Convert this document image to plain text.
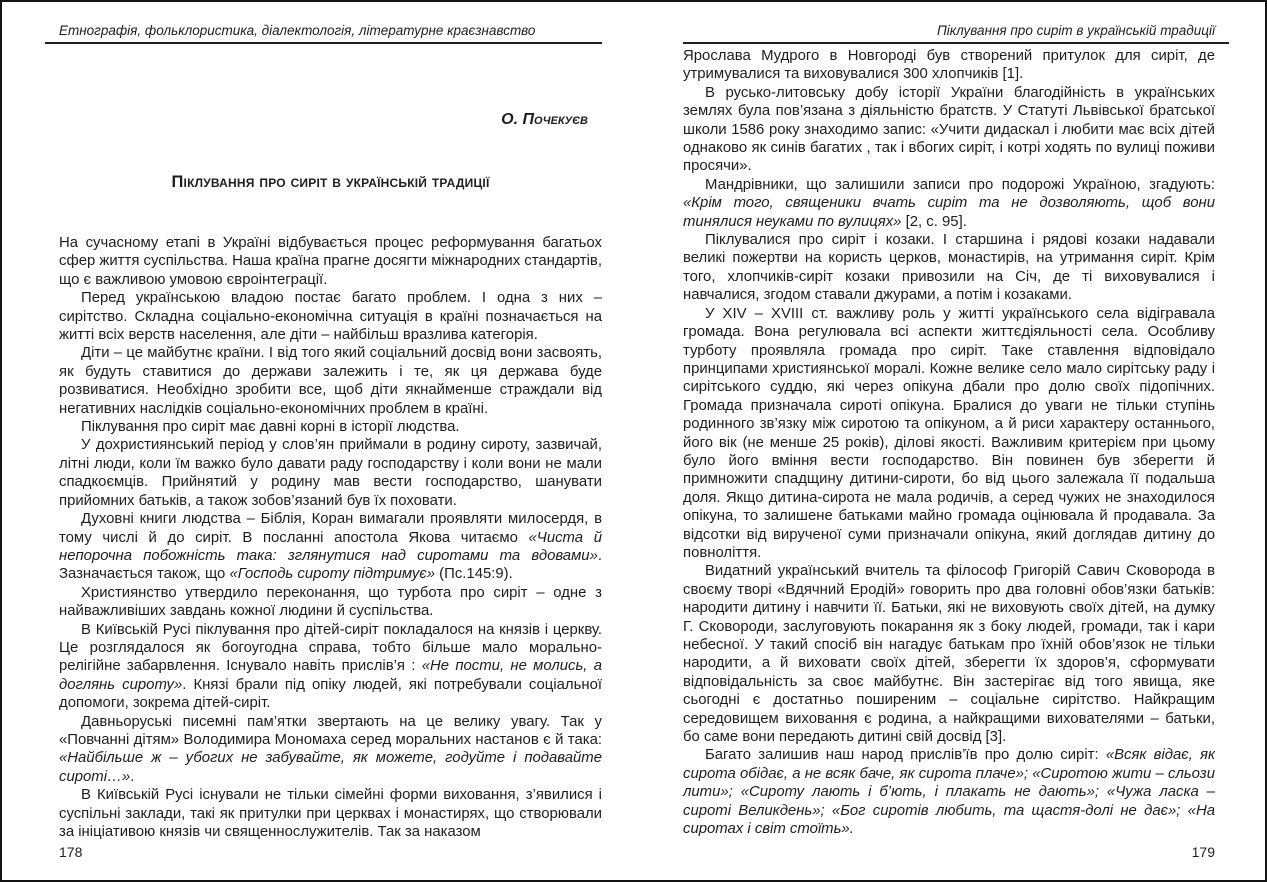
Етнографія, фольклористика, діалектологія, літературне краєзнавство
О. Почекуєв
Піклування про сиріт в українській традиції

На сучасному етапі в Україні відбувається процес реформування багатьох сфер життя суспільства. Наша країна прагне досягти міжнародних стандартів, що є важливою умовою євроінтеграції.

Перед українською владою постає багато проблем. І одна з них – сирітство. Складна соціально-економічна ситуація в країні позначається на житті всіх верств населення, але діти – найбільш вразлива категорія.

Діти – це майбутнє країни. І від того який соціальний досвід вони засвоять, як будуть ставитися до держави залежить і те, як ця держава буде розвиватися. Необхідно зробити все, щоб діти якнайменше страждали від негативних наслідків соціально-економічних проблем в країні.

Піклування про сиріт має давні корні в історії людства.

У дохристиянський період у слов’ян приймали в родину сироту, зазвичай, літні люди, коли їм важко було давати раду господарству і коли вони не мали спадкоємців. Прийнятий у родину мав вести господарство, шанувати прийомних батьків, а також зобов’язаний був їх поховати.

Духовні книги людства – Біблія, Коран вимагали проявляти милосердя, в тому числі й до сиріт. В посланні апостола Якова читаємо «Чиста й непорочна побожність така: зглянутися над сиротами та вдовами». Зазначається також, що «Господь сироту підтримує» (Пс.145:9).

Християнство утвердило переконання, що турбота про сиріт – одне з найважливіших завдань кожної людини й суспільства.

В Київській Русі піклування про дітей-сиріт покладалося на князів і церкву. Це розглядалося як богоугодна справа, тобто більше мало морально-релігійне забарвлення. Існувало навіть прислів’я : «Не пости, не молись, а доглянь сироту». Князі брали під опіку людей, які потребували соціальної допомоги, зокрема дітей-сиріт.

Давньоруські писемні пам’ятки звертають на це велику увагу. Так у «Повчанні дітям» Володимира Мономаха серед моральних настанов є й така: «Найбільше ж – убогих не забувайте, як можете, годуйте і подавайте сироті…».

В Київській Русі існували не тільки сімейні форми виховання, з’явилися і суспільні заклади, такі як притулки при церквах і монастирях, що створювали за ініціативою князів чи священнослужителів. Так за наказом

178
Піклування про сиріт в українській традиції

Ярослава Мудрого в Новгороді був створений притулок для сиріт, де утримувалися та виховувалися 300 хлопчиків [1].

В русько-литовську добу історії України благодійність в українських землях була пов’язана з діяльністю братств. У Статуті Львівської братської школи 1586 року знаходимо запис: «Учити дидаскал і любити має всіх дітей однаково як синів багатих , так і вбогих сиріт, і котрі ходять по вулиці поживи просячи».

Мандрівники, що залишили записи про подорожі Україною, згадують: «Крім того, священики вчать сиріт та не дозволяють, щоб вони тинялися неуками по вулицях» [2, с. 95].

Піклувалися про сиріт і козаки. І старшина і рядові козаки надавали великі пожертви на користь церков, монастирів, на утримання сиріт. Крім того, хлопчиків-сиріт козаки привозили на Січ, де ті виховувалися і навчалися, згодом ставали джурами, а потім і козаками.

У XIV – XVIII ст. важливу роль у житті українського села відігравала громада. Вона регулювала всі аспекти життєдіяльності села. Особливу турботу проявляла громада про сиріт. Таке ставлення відповідало принципами християнської моралі. Кожне велике село мало сирітську раду і сирітського суддю, які через опікуна дбали про долю своїх підопічних. Громада призначала сироті опікуна. Бралися до уваги не тільки ступінь родинного зв’язку між сиротою та опікуном, а й риси характеру останнього, його вік (не менше 25 років), ділові якості. Важливим критерієм при цьому було його вміння вести господарство. Він повинен був зберегти й примножити спадщину дитини-сироти, бо від цього залежала її подальша доля. Якщо дитина-сирота не мала родичів, а серед чужих не знаходилося опікуна, то залишене батьками майно громада оцінювала й продавала. За відсотки від вирученої суми призначали опікуна, який доглядав дитину до повноліття.

Видатний український вчитель та філософ Григорій Савич Сковорода в своєму творі «Вдячний Еродій» говорить про два головні обов’язки батьків: народити дитину і навчити її. Батьки, які не виховують своїх дітей, на думку Г. Сковороди, заслуговують покарання як з боку людей, громади, так і кари небесної. У такий спосіб він нагадує батькам про їхній обов’язок не тільки народити, а й виховати своїх дітей, зберегти їх здоров’я, сформувати відповідальність за своє майбутнє. Він застерігає від того явища, яке сьогодні є достатньо поширеним – соціальне сирітство. Найкращим середовищем виховання є родина, а найкращими вихователями – батьки, бо саме вони передають дитині свій досвід [3].

Багато залишив наш народ прислів’їв про долю сиріт: «Всяк відає, як сирота обідає, а не всяк баче, як сирота плаче»; «Сиротою жити – сльози лити»; «Сироту лають і б’ють, і плакать не дають»; «Чужа ласка – сироті Великдень»; «Бог сиротів любить, та щастя-долі не дає»; «На сиротах і світ стоїть».

179
